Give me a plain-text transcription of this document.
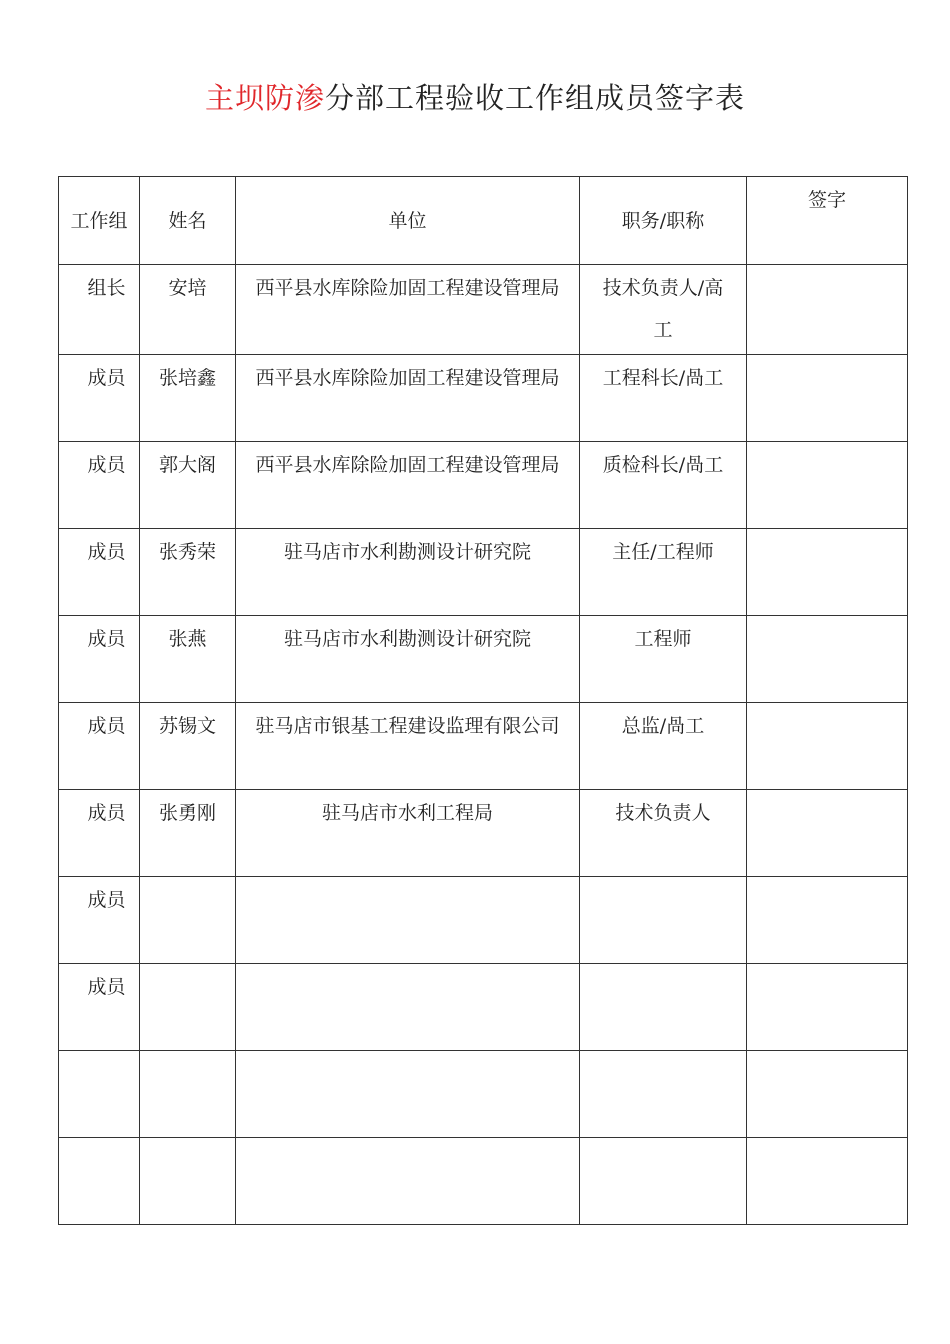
主坝防渗分部工程验收工作组成员签字表
工作组	姓名	单位	职务/职称	签字
组长	安培	西平县水库除险加固工程建设管理局	技术负责人/高工	
成员	张培鑫	西平县水库除险加固工程建设管理局	工程科长/咼工	
成员	郭大阁	西平县水库除险加固工程建设管理局	质检科长/咼工	
成员	张秀荣	驻马店市水利勘测设计研究院	主任/工程师	
成员	张燕	驻马店市水利勘测设计研究院	工程师	
成员	苏锡文	驻马店市银基工程建设监理有限公司	总监/咼工	
成员	张勇刚	驻马店市水利工程局	技术负责人	
成员				
成员				
